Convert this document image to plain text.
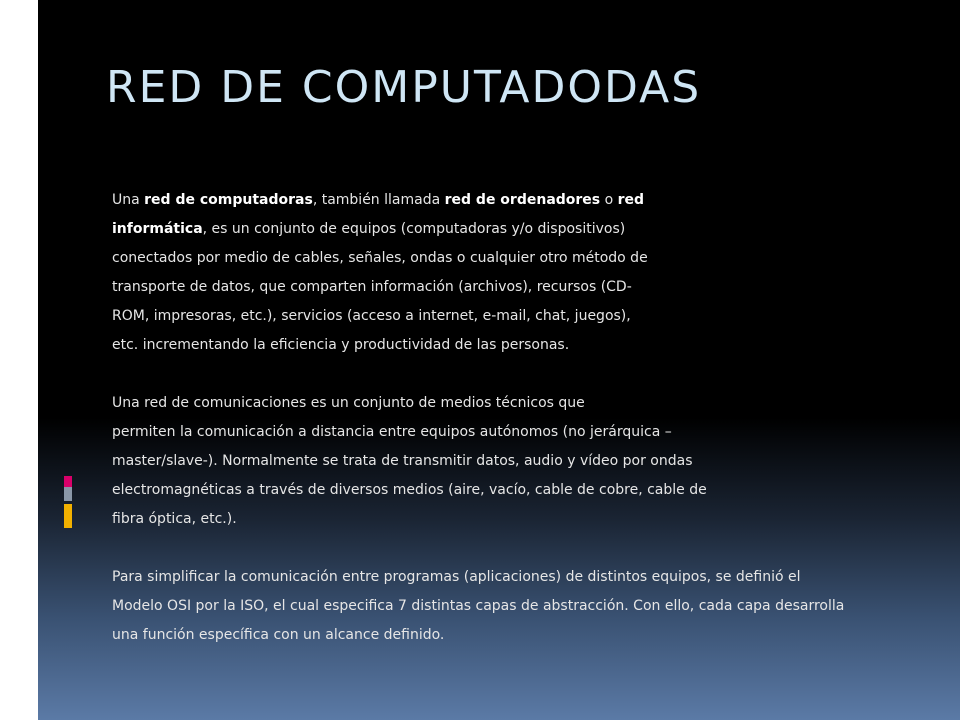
RED DE COMPUTADODAS
Una red de computadoras, también llamada red de ordenadores o red
informática, es un conjunto de equipos (computadoras y/o dispositivos)
conectados por medio de cables, señales, ondas o cualquier otro método de
transporte de datos, que comparten información (archivos), recursos (CD-
ROM, impresoras, etc.), servicios (acceso a internet, e-mail, chat, juegos),
etc. incrementando la eficiencia y productividad de las personas.
Una red de comunicaciones es un conjunto de medios técnicos que
permiten la comunicación a distancia entre equipos autónomos (no jerárquica –
master/slave-). Normalmente se trata de transmitir datos, audio y vídeo por ondas
electromagnéticas a través de diversos medios (aire, vacío, cable de cobre, cable de
fibra óptica, etc.).
Para simplificar la comunicación entre programas (aplicaciones) de distintos equipos, se definió el
Modelo OSI por la ISO, el cual especifica 7 distintas capas de abstracción. Con ello, cada capa desarrolla
una función específica con un alcance definido.
